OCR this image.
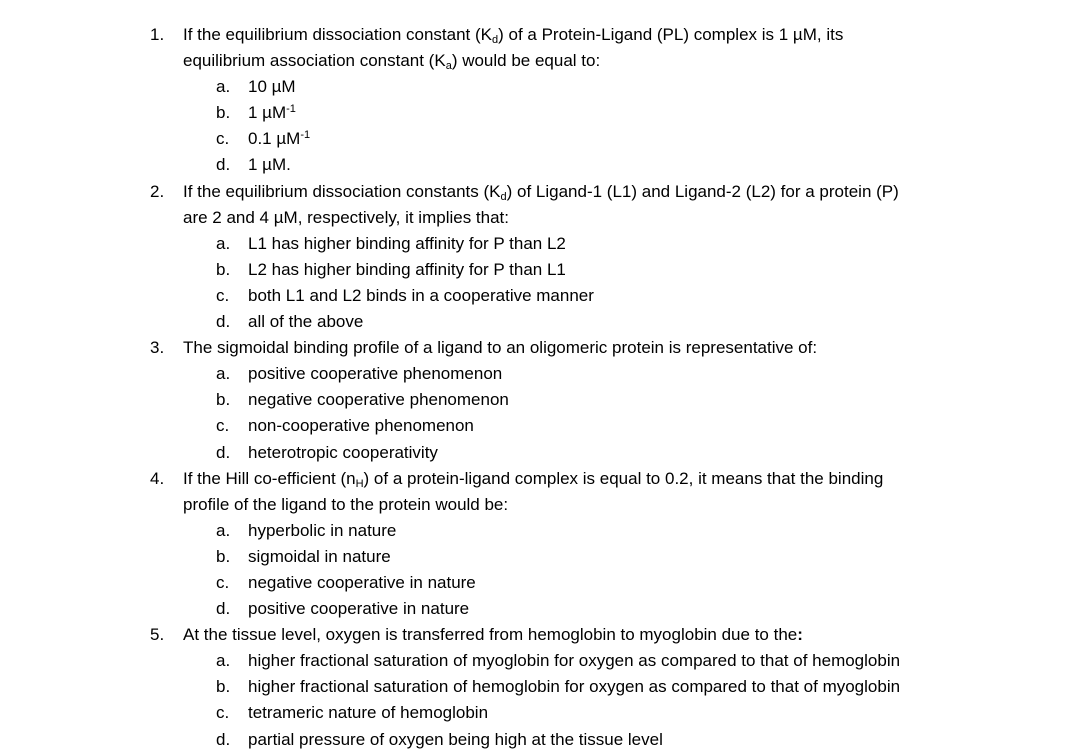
1. If the equilibrium dissociation constant $(K_d)$ of a Protein-Ligand (PL) complex is 1 µM, its
equilibrium association constant $(K_a)$ would be equal to:
a. 10 µM
b. 1 µM$^{-1}$
c. 0.1 µM$^{-1}$
d. 1 µM.
2. If the equilibrium dissociation constants $(K_d)$ of Ligand-1 (L1) and Ligand-2 (L2) for a protein (P)
are 2 and 4 µM, respectively, it implies that:
a. L1 has higher binding affinity for P than L2
b. L2 has higher binding affinity for P than L1
c. both L1 and L2 binds in a cooperative manner
d. all of the above
3. The sigmoidal binding profile of a ligand to an oligomeric protein is representative of:
a. positive cooperative phenomenon
b. negative cooperative phenomenon
c. non-cooperative phenomenon
d. heterotropic cooperativity
4. If the Hill co-efficient $(n_H)$ of a protein-ligand complex is equal to 0.2, it means that the binding
profile of the ligand to the protein would be:
a. hyperbolic in nature
b. sigmoidal in nature
c. negative cooperative in nature
d. positive cooperative in nature
5. At the tissue level, oxygen is transferred from hemoglobin to myoglobin due to the:
a. higher fractional saturation of myoglobin for oxygen as compared to that of hemoglobin
b. higher fractional saturation of hemoglobin for oxygen as compared to that of myoglobin
c. tetrameric nature of hemoglobin
d. partial pressure of oxygen being high at the tissue level
